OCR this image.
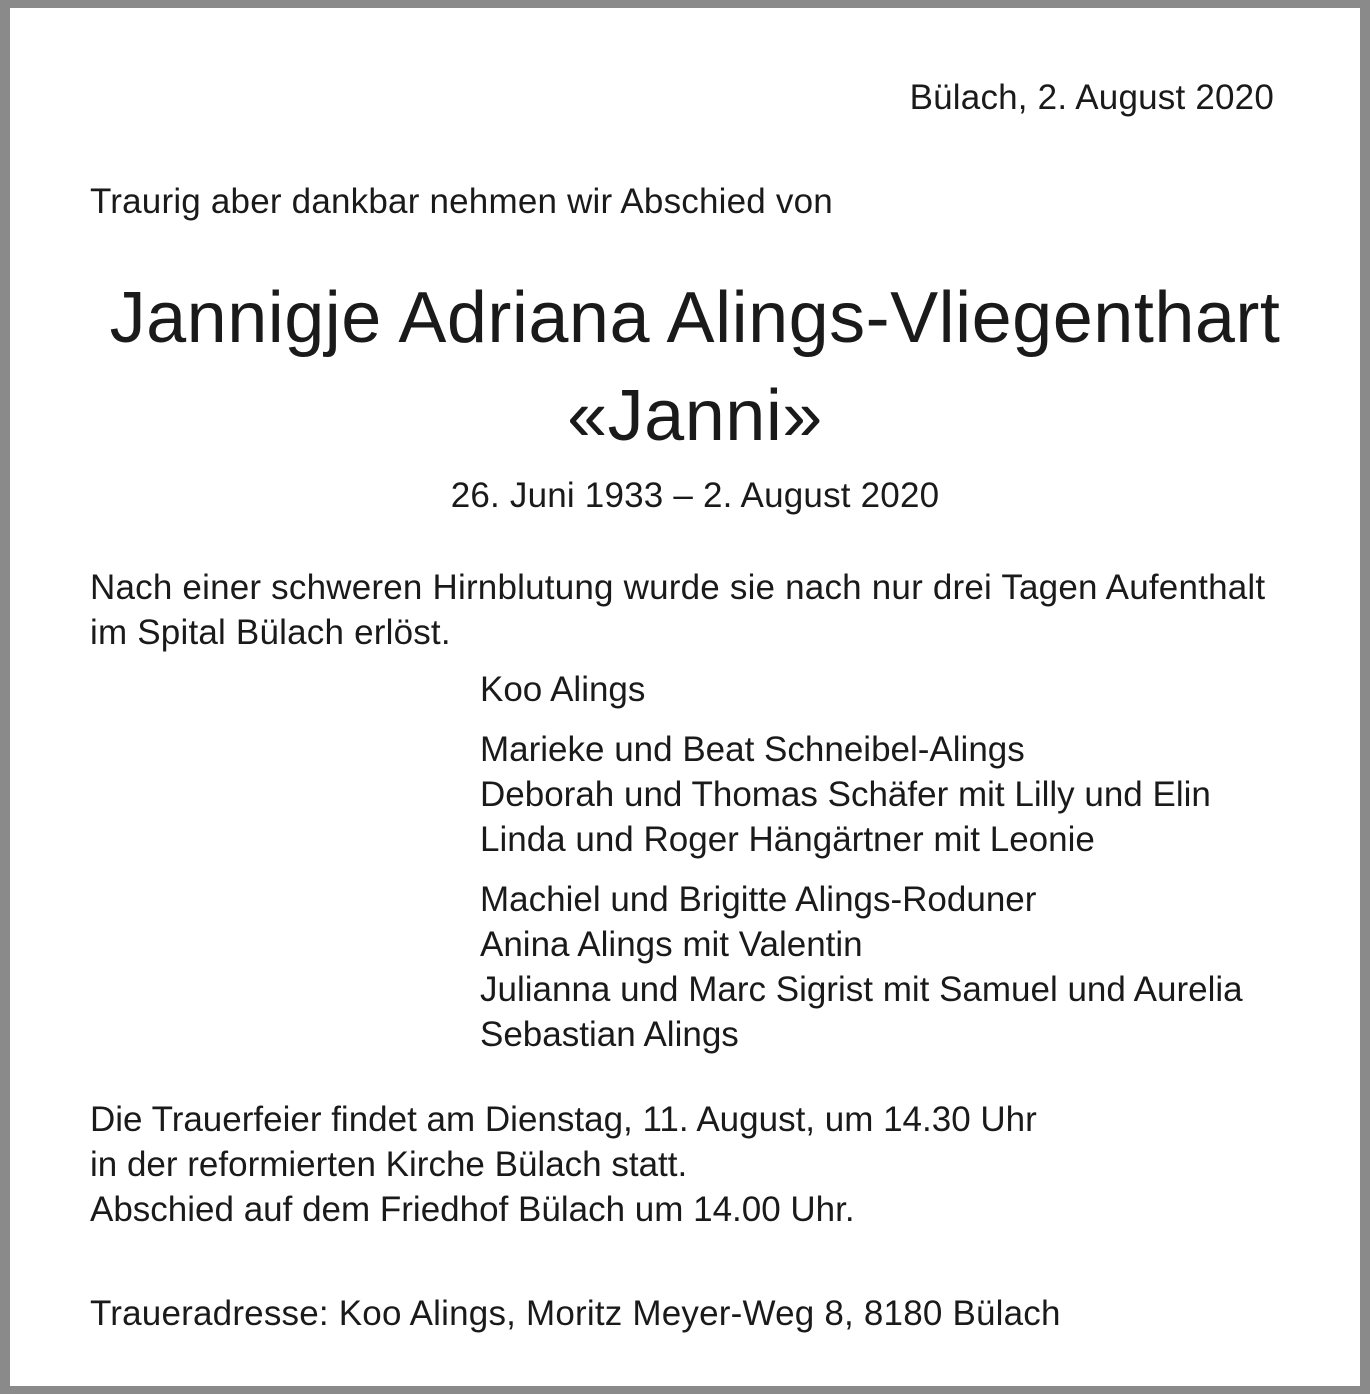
Bülach, 2. August 2020
Traurig aber dankbar nehmen wir Abschied von
Jannigje Adriana Alings-Vliegenthart
«Janni»
26. Juni 1933 – 2. August 2020
Nach einer schweren Hirnblutung wurde sie nach nur drei Tagen Aufenthalt
im Spital Bülach erlöst.
Koo Alings
Marieke und Beat Schneibel-Alings
Deborah und Thomas Schäfer mit Lilly und Elin
Linda und Roger Hängärtner mit Leonie
Machiel und Brigitte Alings-Roduner
Anina Alings mit Valentin
Julianna und Marc Sigrist mit Samuel und Aurelia
Sebastian Alings
Die Trauerfeier findet am Dienstag, 11. August, um 14.30 Uhr
in der reformierten Kirche Bülach statt.
Abschied auf dem Friedhof Bülach um 14.00 Uhr.
Traueradresse: Koo Alings, Moritz Meyer-Weg 8, 8180 Bülach
